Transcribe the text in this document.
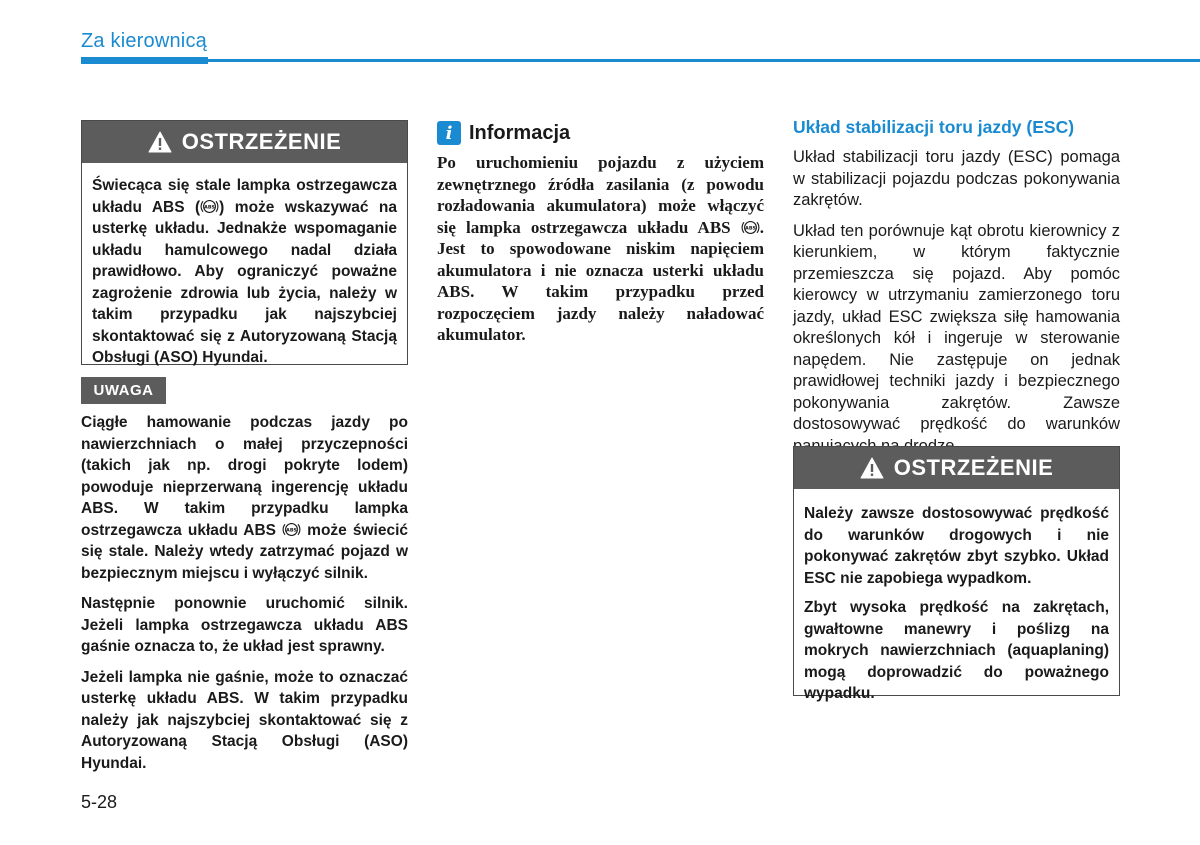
Za kierownicą
OSTRZEŻENIE

Świecąca się stale lampka ostrzegawcza układu ABS ( ABS ) może wskazywać na usterkę układu. Jednakże wspomaganie układu hamulcowego nadal działa prawidłowo. Aby ograniczyć poważne zagrożenie zdrowia lub życia, należy w takim przypadku jak najszybciej skontaktować się z Autoryzowaną Stacją Obsługi (ASO) Hyundai.

UWAGA

Ciągłe hamowanie podczas jazdy po nawierzchniach o małej przyczepności (takich jak np. drogi pokryte lodem) powoduje nieprzerwaną ingerencję układu ABS. W takim przypadku lampka ostrzegawcza układu ABS ABS może świecić się stale. Należy wtedy zatrzymać pojazd w bezpiecznym miejscu i wyłączyć silnik.

Następnie ponownie uruchomić silnik. Jeżeli lampka ostrzegawcza układu ABS gaśnie oznacza to, że układ jest sprawny.

Jeżeli lampka nie gaśnie, może to oznaczać usterkę układu ABS. W takim przypadku należy jak najszybciej skontaktować się z Autoryzowaną Stacją Obsługi (ASO) Hyundai.

i Informacja
Po uruchomieniu pojazdu z użyciem zewnętrznego źródła zasilania (z powodu rozładowania akumulatora) może włączyć się lampka ostrzegawcza układu ABS ABS . Jest to spowodowane niskim napięciem akumulatora i nie oznacza usterki układu ABS. W takim przypadku przed rozpoczęciem jazdy należy naładować akumulator.
Układ stabilizacji toru jazdy (ESC)

Układ stabilizacji toru jazdy (ESC) pomaga w stabilizacji pojazdu podczas pokonywania zakrętów.

Układ ten porównuje kąt obrotu kierownicy z kierunkiem, w którym faktycznie przemieszcza się pojazd. Aby pomóc kierowcy w utrzymaniu zamierzonego toru jazdy, układ ESC zwiększa siłę hamowania określonych kół i ingeruje w sterowanie napędem. Nie zastępuje on jednak prawidłowej techniki jazdy i bezpiecznego pokonywania zakrętów. Zawsze dostosowywać prędkość do warunków

OSTRZEŻENIE

Należy zawsze dostosowywać prędkość do warunków drogowych i nie pokonywać zakrętów zbyt szybko. Układ ESC nie zapobiega wypadkom.

Zbyt wysoka prędkość na zakrętach, gwałtowne manewry i poślizg na mokrych nawierzchniach (aquaplaning) mogą doprowadzić do poważnego wypadku.

5-28
